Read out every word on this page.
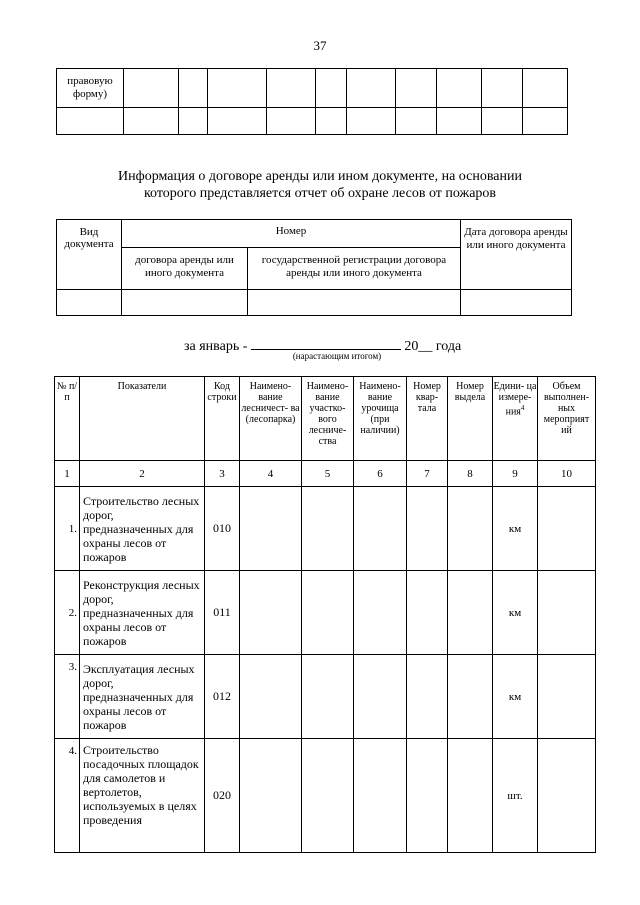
37
правовую форму)										

Информация о договоре аренды или ином документе, на основании
которого представляется отчет об охране лесов от пожаров
Вид документа	Номер		Дата договора аренды или иного документа

	договора аренды или иного документа	государственной регистрации договора аренды или иного документа	

за январь -	20__ года
(нарастающим итогом)
№ п/п	Показатели	Код строки	Наимено- вание лесничест- ва (лесопарка)	Наимено- вание участко- вого лесниче- ства	Наимено- вание урочища (при наличии)	Номер квар- тала	Номер выдела	Едини- ца измере- ния$^4$	Объем выполнен- ных мероприят ий

1	2	3	4	5	6	7	8	9	10
1.	Строительство лесных дорог, предназначенных для охраны лесов от пожаров	010						км	
2.	Реконструкция лесных дорог, предназначенных для охраны лесов от пожаров	011						км	
3.	Эксплуатация лесных дорог, предназначенных для охраны лесов от пожаров	012						км	
4.	Строительство посадочных площадок для самолетов и вертолетов, используемых в целях проведения	020						шт.	
